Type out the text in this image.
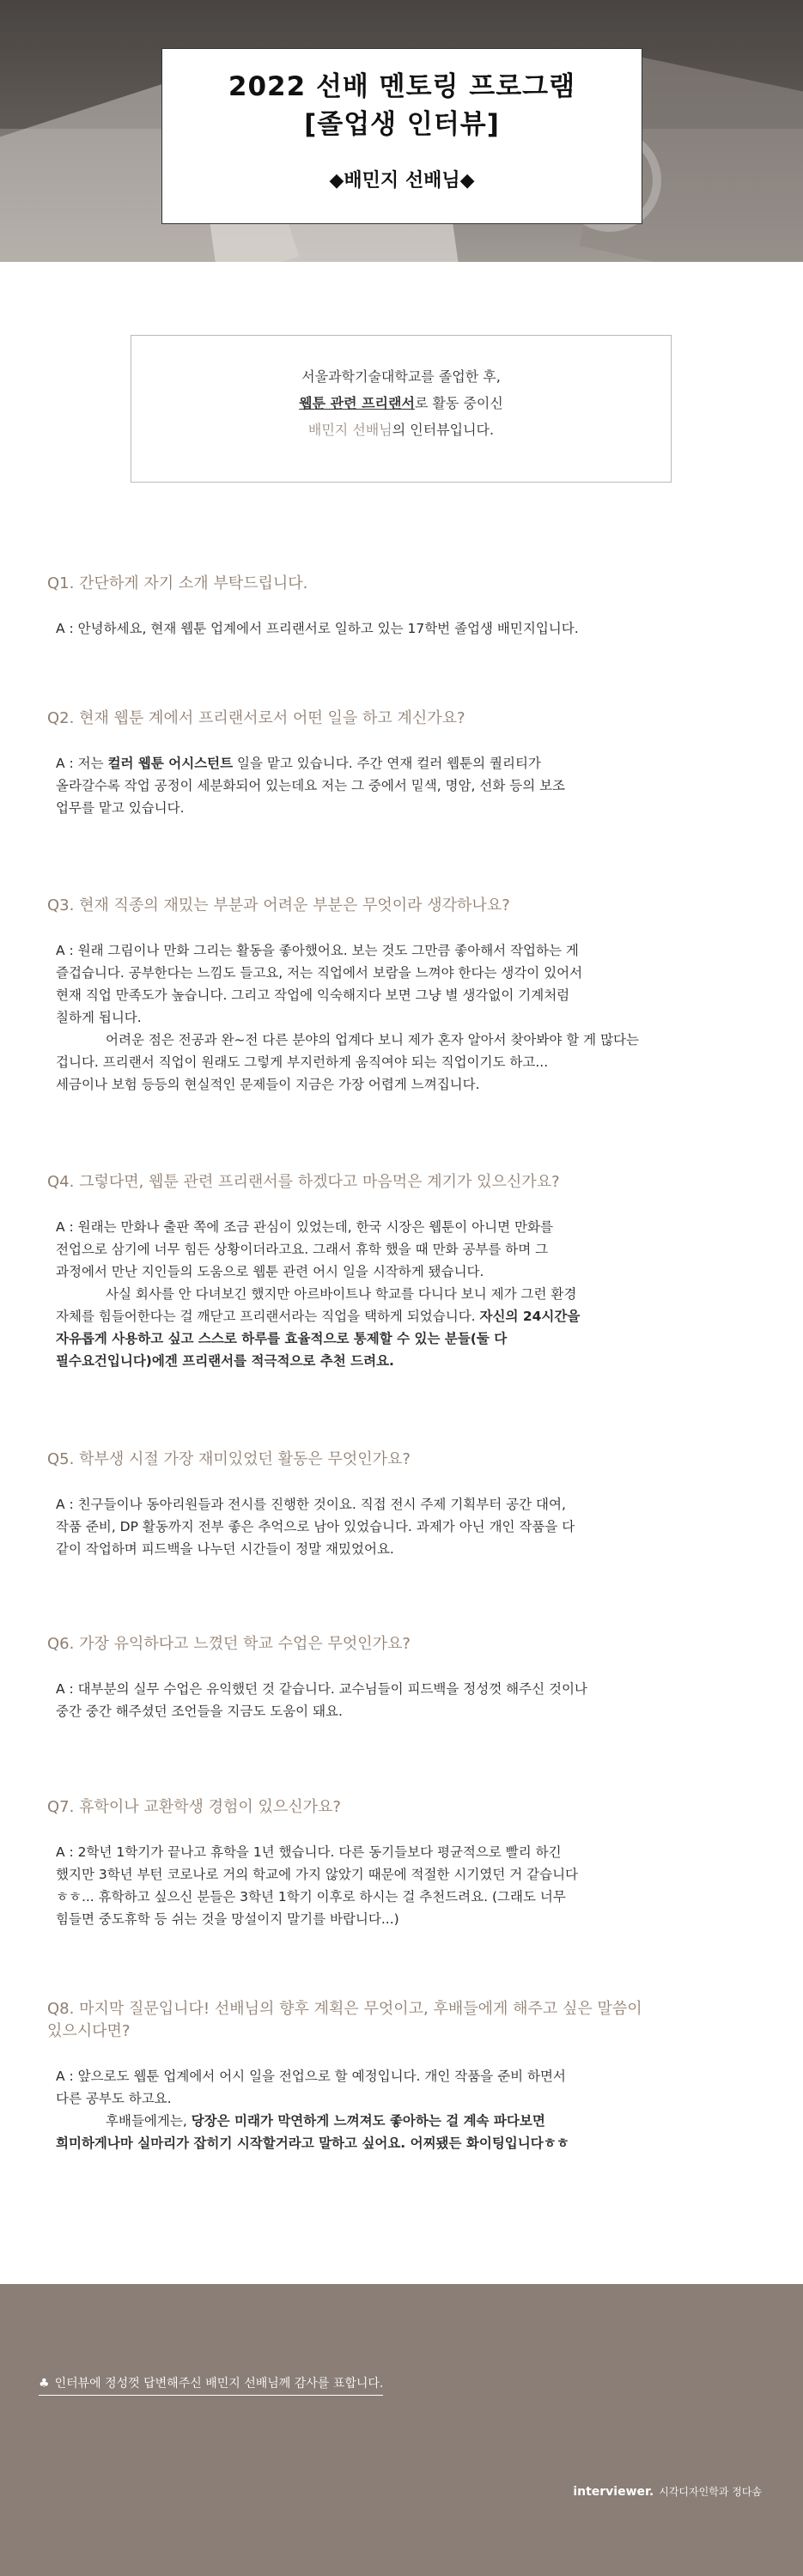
2022 선배 멘토링 프로그램
[졸업생 인터뷰]
◆배민지 선배님◆
서울과학기술대학교를 졸업한 후,
웹툰 관련 프리랜서로 활동 중이신
배민지 선배님의 인터뷰입니다.
Q1. 간단하게 자기 소개 부탁드립니다.
A : 안녕하세요, 현재 웹툰 업계에서 프리랜서로 일하고 있는 17학번 졸업생 배민지입니다.
Q2. 현재 웹툰 계에서 프리랜서로서 어떤 일을 하고 계신가요?
A : 저는 컬러 웹툰 어시스턴트 일을 맡고 있습니다. 주간 연재 컬러 웹툰의 퀄리티가
올라갈수록 작업 공정이 세분화되어 있는데요 저는 그 중에서 밑색, 명암, 선화 등의 보조
업무를 맡고 있습니다.
Q3. 현재 직종의 재밌는 부분과 어려운 부분은 무엇이라 생각하나요?
A : 원래 그림이나 만화 그리는 활동을 좋아했어요. 보는 것도 그만큼 좋아해서 작업하는 게
즐겁습니다. 공부한다는 느낌도 들고요, 저는 직업에서 보람을 느껴야 한다는 생각이 있어서
현재 직업 만족도가 높습니다. 그리고 작업에 익숙해지다 보면 그냥 별 생각없이 기계처럼
칠하게 됩니다.
어려운 점은 전공과 완~전 다른 분야의 업계다 보니 제가 혼자 알아서 찾아봐야 할 게 많다는
겁니다. 프리랜서 직업이 원래도 그렇게 부지런하게 움직여야 되는 직업이기도 하고...
세금이나 보험 등등의 현실적인 문제들이 지금은 가장 어렵게 느껴집니다.
Q4. 그렇다면, 웹툰 관련 프리랜서를 하겠다고 마음먹은 계기가 있으신가요?
A : 원래는 만화나 출판 쪽에 조금 관심이 있었는데, 한국 시장은 웹툰이 아니면 만화를
전업으로 삼기에 너무 힘든 상황이더라고요. 그래서 휴학 했을 때 만화 공부를 하며 그
과정에서 만난 지인들의 도움으로 웹툰 관련 어시 일을 시작하게 됐습니다.
사실 회사를 안 다녀보긴 했지만 아르바이트나 학교를 다니다 보니 제가 그런 환경
자체를 힘들어한다는 걸 깨닫고 프리랜서라는 직업을 택하게 되었습니다. 자신의 24시간을
자유롭게 사용하고 싶고 스스로 하루를 효율적으로 통제할 수 있는 분들(둘 다
필수요건입니다)에겐 프리랜서를 적극적으로 추천 드려요.
Q5. 학부생 시절 가장 재미있었던 활동은 무엇인가요?
A : 친구들이나 동아리원들과 전시를 진행한 것이요. 직접 전시 주제 기획부터 공간 대여,
작품 준비, DP 활동까지 전부 좋은 추억으로 남아 있었습니다. 과제가 아닌 개인 작품을 다
같이 작업하며 피드백을 나누던 시간들이 정말 재밌었어요.
Q6. 가장 유익하다고 느꼈던 학교 수업은 무엇인가요?
A : 대부분의 실무 수업은 유익했던 것 같습니다. 교수님들이 피드백을 정성껏 해주신 것이나
중간 중간 해주셨던 조언들을 지금도 도움이 돼요.
Q7. 휴학이나 교환학생 경험이 있으신가요?
A : 2학년 1학기가 끝나고 휴학을 1년 했습니다. 다른 동기들보다 평균적으로 빨리 하긴
했지만 3학년 부턴 코로나로 거의 학교에 가지 않았기 때문에 적절한 시기였던 거 같습니다
ㅎㅎ... 휴학하고 싶으신 분들은 3학년 1학기 이후로 하시는 걸 추천드려요. (그래도 너무
힘들면 중도휴학 등 쉬는 것을 망설이지 말기를 바랍니다...)
Q8. 마지막 질문입니다! 선배님의 향후 계획은 무엇이고, 후배들에게 해주고 싶은 말씀이
있으시다면?
A : 앞으로도 웹툰 업계에서 어시 일을 전업으로 할 예정입니다. 개인 작품을 준비 하면서
다른 공부도 하고요.
후배들에게는, 당장은 미래가 막연하게 느껴져도 좋아하는 걸 계속 파다보면
희미하게나마 실마리가 잡히기 시작할거라고 말하고 싶어요. 어찌됐든 화이팅입니다ㅎㅎ
♣ 인터뷰에 정성껏 답변해주신 배민지 선배님께 감사를 표합니다.
interviewer. 시각디자인학과 정다솜
